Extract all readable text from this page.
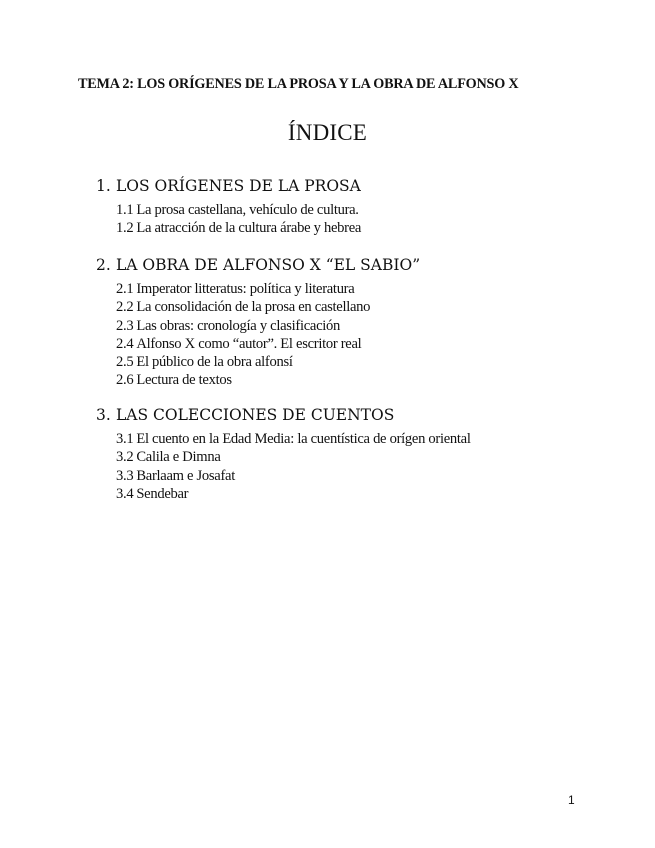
TEMA 2: LOS ORÍGENES DE LA PROSA Y LA OBRA DE ALFONSO X
ÍNDICE
1. LOS ORÍGENES DE LA PROSA
1.1 La prosa castellana, vehículo de cultura.
1.2 La atracción de la cultura árabe y hebrea
2. LA OBRA DE ALFONSO X “EL SABIO”
2.1 Imperator litteratus: política y literatura
2.2 La consolidación de la prosa en castellano
2.3 Las obras: cronología y clasificación
2.4 Alfonso X como “autor”. El escritor real
2.5 El público de la obra alfonsí
2.6 Lectura de textos
3. LAS COLECCIONES DE CUENTOS
3.1 El cuento en la Edad Media: la cuentística de orígen oriental
3.2 Calila e Dimna
3.3 Barlaam e Josafat
3.4 Sendebar
1
